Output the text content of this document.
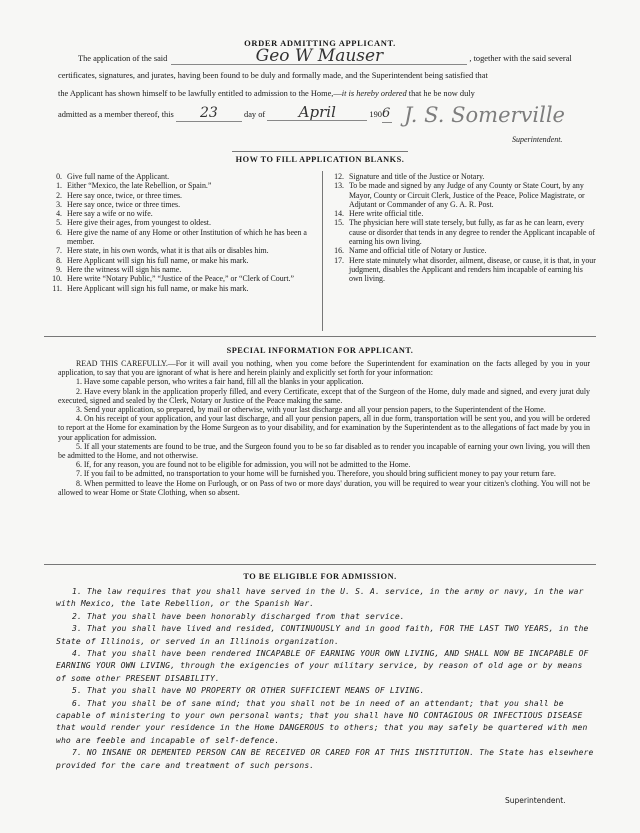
ORDER ADMITTING APPLICANT.
The application of the said	Geo W Mauser	, together with the said several
certificates, signatures, and jurates, having been found to be duly and formally made, and the Superintendent being satisfied that
the Applicant has shown himself to be lawfully entitled to admission to the Home,—it is hereby ordered that he be now duly
admitted as a member thereof, this 23	day of April	1906 J. S. Somerville
Superintendent.
HOW TO FILL APPLICATION BLANKS.
0. Give full name of the Applicant.
1. Either “Mexico, the late Rebellion, or Spain.”
2. Here say once, twice, or three times.
3. Here say once, twice or three times.
4. Here say a wife or no wife.
5. Here give their ages, from youngest to oldest.
6. Here give the name of any Home or other Institution of which he has been a member.
7. Here state, in his own words, what it is that ails or disables him.
8. Here Applicant will sign his full name, or make his mark.
9. Here the witness will sign his name.
10. Here write “Notary Public,” “Justice of the Peace,” or “Clerk of Court.”
11. Here Applicant will sign his full name, or make his mark.
12. Signature and title of the Justice or Notary.
13. To be made and signed by any Judge of any County or State Court, by any Mayor, County or Circuit Clerk, Justice of the Peace, Police Magistrate, or Adjutant or Commander of any G. A. R. Post.
14. Here write official title.
15. The physician here will state tersely, but fully, as far as he can learn, every cause or disorder that tends in any degree to render the Applicant incapable of earning his own living.
16. Name and official title of Notary or Justice.
17. Here state minutely what disorder, ailment, disease, or cause, it is that, in your judgment, disables the Applicant and renders him incapable of earning his own living.
SPECIAL INFORMATION FOR APPLICANT.

READ THIS CAREFULLY.—For it will avail you nothing, when you come before the Superintendent for examination on the facts alleged by you in your application, to say that you are ignorant of what is here and herein plainly and explicitly set forth for your information:

1. Have some capable person, who writes a fair hand, fill all the blanks in your application.

2. Have every blank in the application properly filled, and every Certificate, except that of the Surgeon of the Home, duly made and signed, and every jurat duly executed, signed and sealed by the Clerk, Notary or Justice of the Peace making the same.

3. Send your application, so prepared, by mail or otherwise, with your last discharge and all your pension papers, to the Superintendent of the Home.

4. On his receipt of your application, and your last discharge, and all your pension papers, all in due form, transportation will be sent you, and you will be ordered to report at the Home for examination by the Home Surgeon as to your disability, and for examination by the Superintendent as to the allegations of fact made by you in your application for admission.

5. If all your statements are found to be true, and the Surgeon found you to be so far disabled as to render you incapable of earning your own living, you will then be admitted to the Home, and not otherwise.

6. If, for any reason, you are found not to be eligible for admission, you will not be admitted to the Home.

7. If you fail to be admitted, no transportation to your home will be furnished you. Therefore, you should bring sufficient money to pay your return fare.

8. When permitted to leave the Home on Furlough, or on Pass of two or more days' duration, you will be required to wear your citizen's clothing. You will not be allowed to wear Home or State Clothing, when so absent.

TO BE ELIGIBLE FOR ADMISSION.

1. The law requires that you shall have served in the U. S. A. service, in the army or navy, in the war with Mexico, the late Rebellion, or the Spanish War.

2. That you shall have been honorably discharged from that service.

3. That you shall have lived and resided, CONTINUOUSLY and in good faith, FOR THE LAST TWO YEARS, in the State of Illinois, or served in an Illinois organization.

4. That you shall have been rendered INCAPABLE OF EARNING YOUR OWN LIVING, AND SHALL NOW BE INCAPABLE OF EARNING YOUR OWN LIVING, through the exigencies of your military service, by reason of old age or by means of some other PRESENT DISABILITY.

5. That you shall have NO PROPERTY OR OTHER SUFFICIENT MEANS OF LIVING.

6. That you shall be of sane mind; that you shall not be in need of an attendant; that you shall be capable of ministering to your own personal wants; that you shall have NO CONTAGIOUS OR INFECTIOUS DISEASE that would render your residence in the Home DANGEROUS to others; that you may safely be quartered with men who are feeble and incapable of self-defence.

7. NO INSANE OR DEMENTED PERSON CAN BE RECEIVED OR CARED FOR AT THIS INSTITUTION. The State has elsewhere provided for the care and treatment of such persons.

Superintendent.
